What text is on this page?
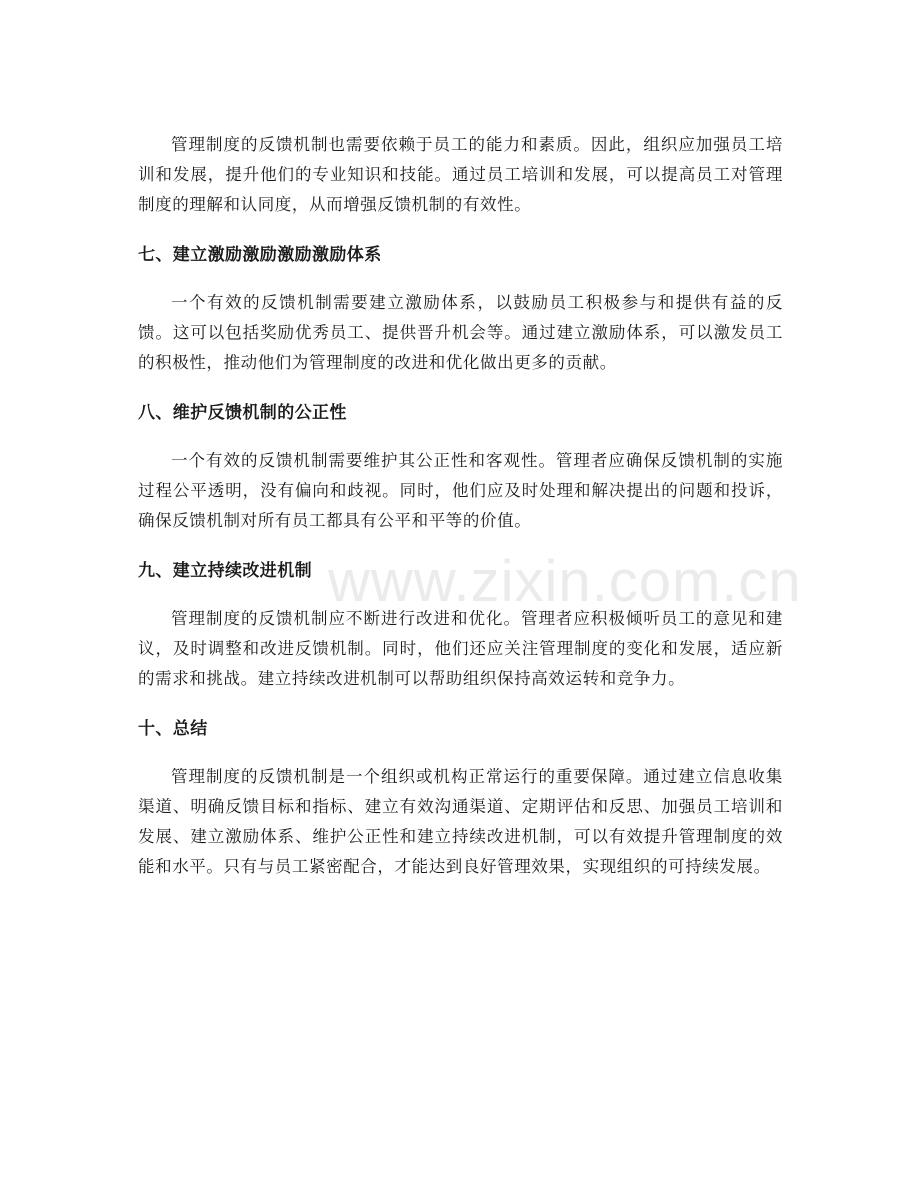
www.zixin.com.cn

管理制度的反馈机制也需要依赖于员工的能力和素质。因此，组织应加强员工培训和发展，提升他们的专业知识和技能。通过员工培训和发展，可以提高员工对管理制度的理解和认同度，从而增强反馈机制的有效性。

七、建立激励激励激励激励体系

一个有效的反馈机制需要建立激励体系，以鼓励员工积极参与和提供有益的反馈。这可以包括奖励优秀员工、提供晋升机会等。通过建立激励体系，可以激发员工的积极性，推动他们为管理制度的改进和优化做出更多的贡献。

八、维护反馈机制的公正性

一个有效的反馈机制需要维护其公正性和客观性。管理者应确保反馈机制的实施过程公平透明，没有偏向和歧视。同时，他们应及时处理和解决提出的问题和投诉，确保反馈机制对所有员工都具有公平和平等的价值。

九、建立持续改进机制

管理制度的反馈机制应不断进行改进和优化。管理者应积极倾听员工的意见和建议，及时调整和改进反馈机制。同时，他们还应关注管理制度的变化和发展，适应新的需求和挑战。建立持续改进机制可以帮助组织保持高效运转和竞争力。

十、总结

管理制度的反馈机制是一个组织或机构正常运行的重要保障。通过建立信息收集渠道、明确反馈目标和指标、建立有效沟通渠道、定期评估和反思、加强员工培训和发展、建立激励体系、维护公正性和建立持续改进机制，可以有效提升管理制度的效能和水平。只有与员工紧密配合，才能达到良好管理效果，实现组织的可持续发展。
